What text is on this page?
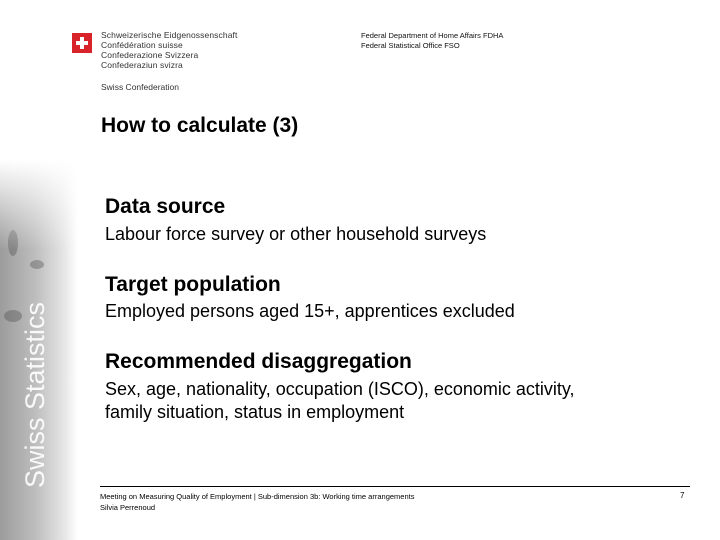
Swiss Statistics
Schweizerische Eidgenossenschaft
Confédération suisse
Confederazione Svizzera
Confederaziun svizra
Swiss Confederation
Federal Department of Home Affairs FDHA
Federal Statistical Office FSO
How to calculate (3)
Data source
Labour force survey or other household surveys
Target population
Employed persons aged 15+, apprentices excluded
Recommended disaggregation
Sex, age, nationality, occupation (ISCO), economic activity,
family situation, status in employment
Meeting on Measuring Quality of Employment | Sub-dimension 3b: Working time arrangements
Silvia Perrenoud
7
